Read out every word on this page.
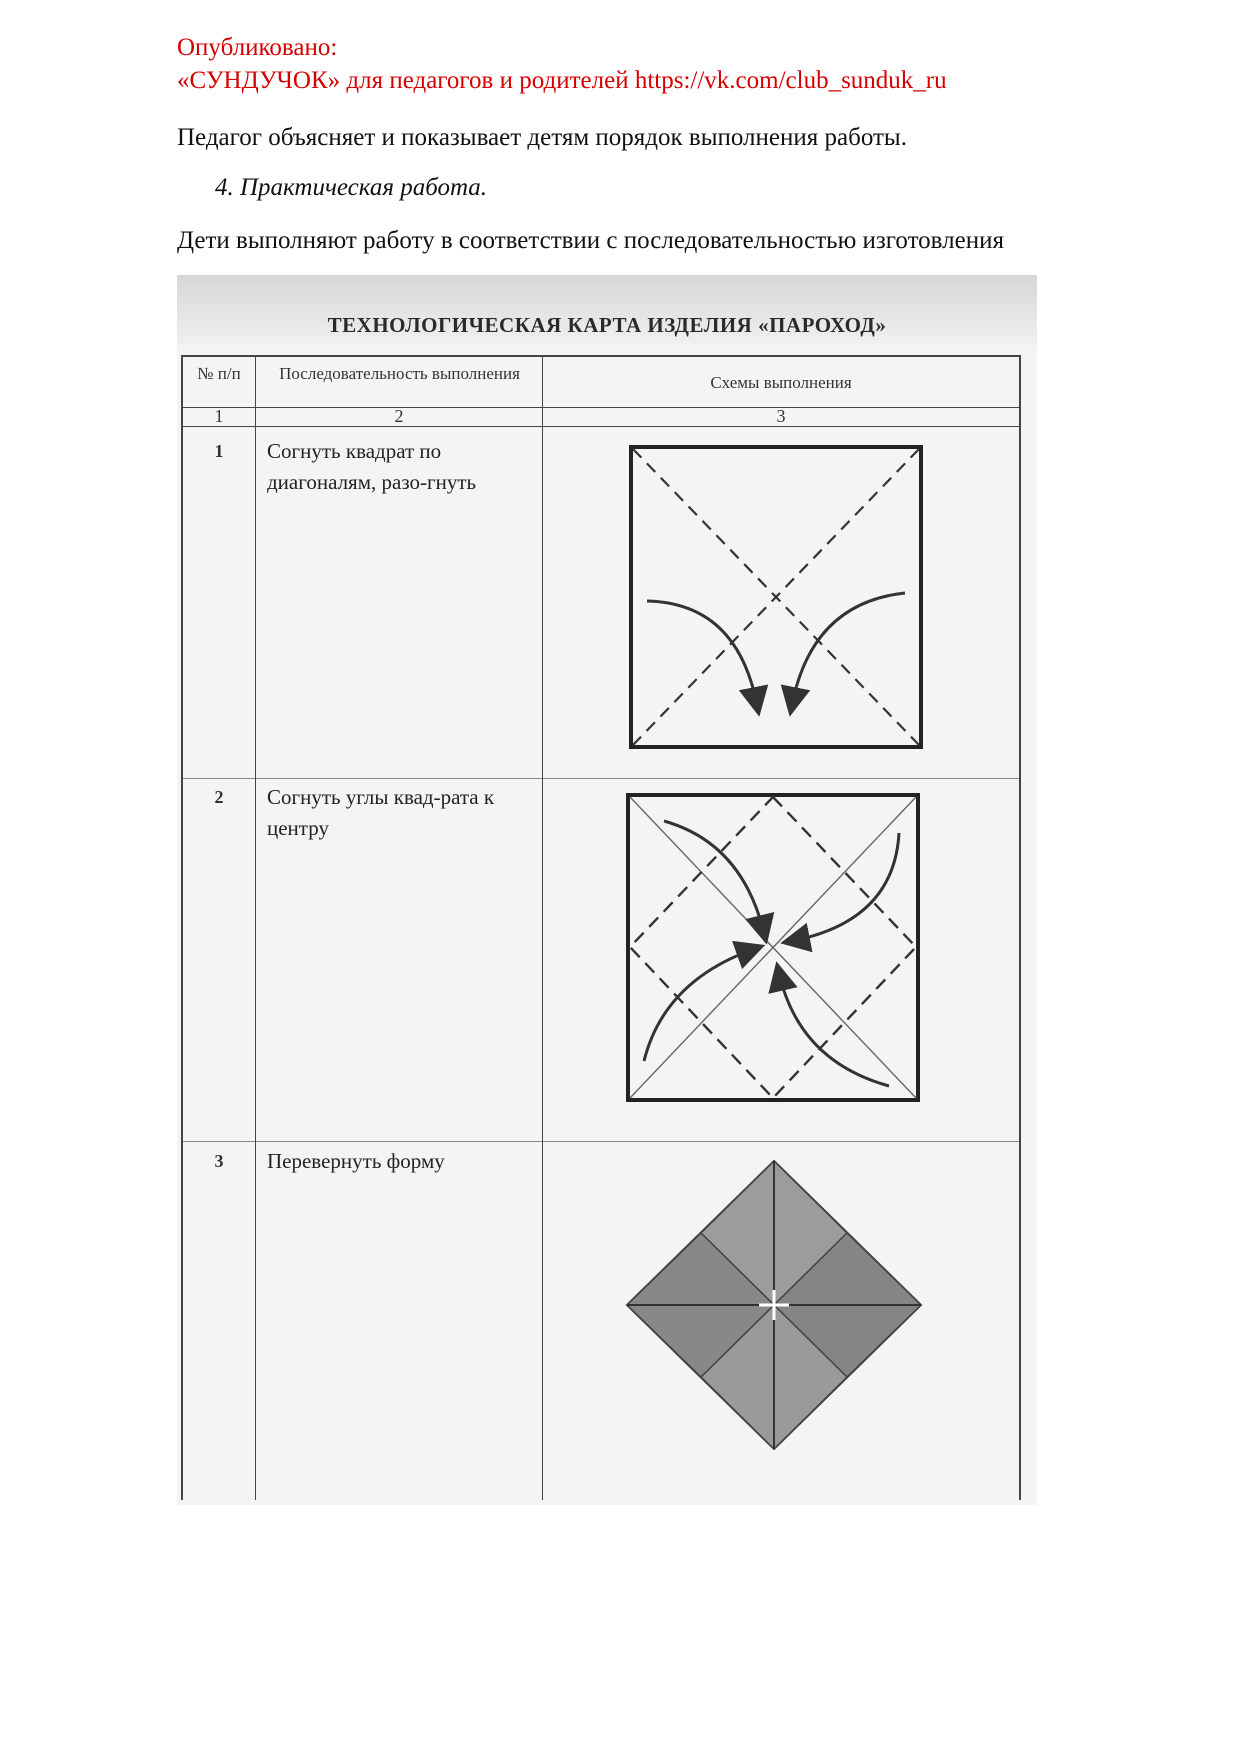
Опубликовано:
«СУНДУЧОК» для педагогов и родителей https://vk.com/club_sunduk_ru
Педагог объясняет и показывает детям порядок выполнения работы.
4. Практическая работа.
Дети выполняют работу в соответствии с последовательностью изготовления
ТЕХНОЛОГИЧЕСКАЯ КАРТА ИЗДЕЛИЯ «ПАРОХОД»
№ п/п	Последовательность выполнения	Схемы выполнения
1	2	3
1	Согнуть квадрат по диагоналям, разо-гнуть
2	Согнуть углы квад-рата к центру
3	Перевернуть форму
